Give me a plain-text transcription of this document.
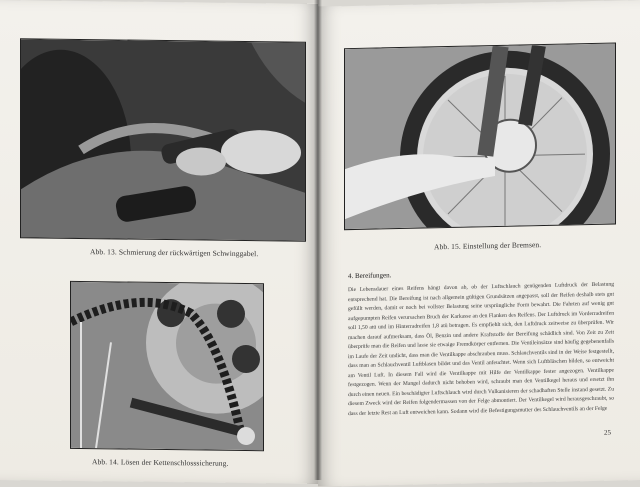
Abb. 13. Schmierung der rückwärtigen Schwinggabel.
Abb. 14. Lösen der Kettenschlosssicherung.
Abb. 15. Einstellung der Bremsen.
4. Bereifungen.

Die Lebensdauer eines Reifens hängt davon ab, ob der Luftschlauch genügenden Luftdruck der Belastung entsprechend hat. Die Bereifung ist nach allgemein gültigen Grundsätzen angepasst, soll der Reifen deshalb stets gut gefüllt werden, damit er noch bei vollster Belastung seine ursprüngliche Form bewahrt. Die Fahrten auf wenig gut aufgepumpten Reifen verursachen Bruch der Karkasse an den Flanken des Reifens. Der Luftdruck im Vorderradreifen soll 1,50 atü und im Hinterradreifen 1,8 atü betragen. Es empfiehlt sich, den Luftdruck zeitweise zu überprüfen. Wir machen darauf aufmerksam, dass Öl, Benzin und andere Kraftstoffe der Bereifung schädlich sind. Von Zeit zu Zeit überprüfe man die Reifen und lasse sie etwaige Fremdkörper entfernen. Die Ventileinsätze sind häufig gegebenenfalls im Laufe der Zeit undicht, dass man die Ventilkappe abschrauben muss. Schlauchventils sind in der Weise festgestellt, dass man an Schlauchventil Luftblasen bildet und das Ventil anfeuchtet. Wenn sich Luftbläschen bilden, so entweicht am Ventil Luft. In diesem Fall wird die Ventilkappe mit Hilfe der Ventilkappe fester angezogen. Ventilkappe festgezogen. Wenn der Mangel dadurch nicht behoben wird, schraubt man den Ventilkegel heraus und ersetzt ihn durch einen neuen. Ein beschädigter Luftschlauch wird durch Vulkanisieren der schadhaften Stelle instand gesetzt. Zu diesem Zweck wird der Reifen folgendermassen von der Felge abmontiert. Der Ventilkegel wird herausgeschraubt, so dass der letzte Rest an Luft entweichen kann. Sodann wird die Befestigungsmutter des Schlauchventils an der Felge

25
